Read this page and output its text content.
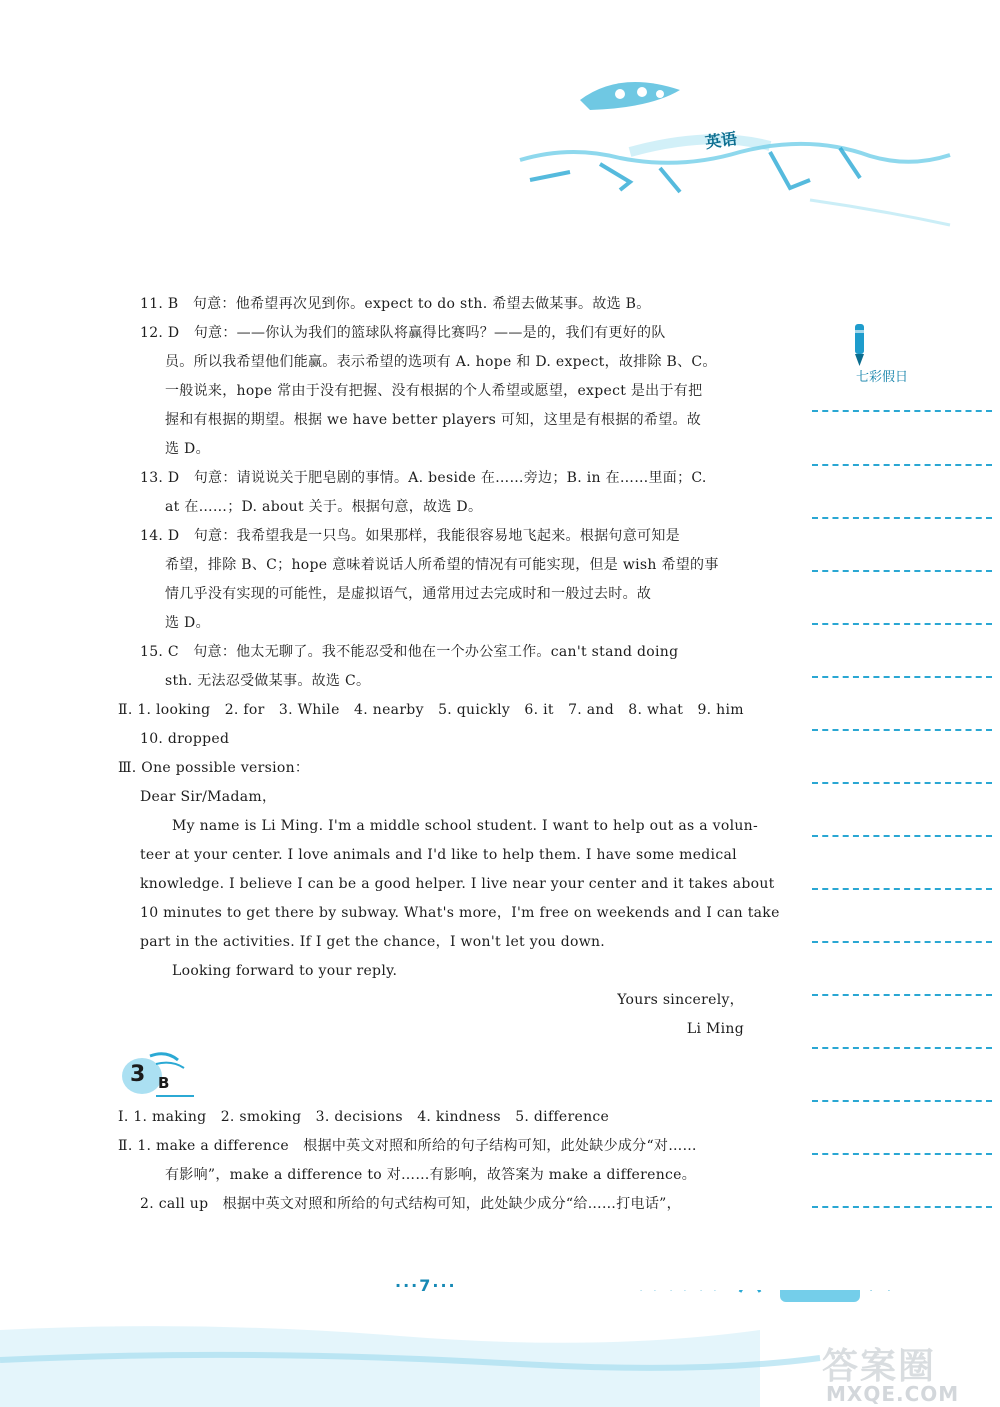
英语
七彩假日
11. B　句意：他希望再次见到你。expect to do sth. 希望去做某事。故选 B。
12. D　句意：——你认为我们的篮球队将赢得比赛吗？——是的，我们有更好的队
员。所以我希望他们能赢。表示希望的选项有 A. hope 和 D. expect，故排除 B、C。
一般说来，hope 常由于没有把握、没有根据的个人希望或愿望，expect 是出于有把
握和有根据的期望。根据 we have better players 可知，这里是有根据的希望。故
选 D。
13. D　句意：请说说关于肥皂剧的事情。A. beside 在……旁边；B. in 在……里面；C.
at 在……；D. about 关于。根据句意，故选 D。
14. D　句意：我希望我是一只鸟。如果那样，我能很容易地飞起来。根据句意可知是
希望，排除 B、C；hope 意味着说话人所希望的情况有可能实现，但是 wish 希望的事
情几乎没有实现的可能性，是虚拟语气，通常用过去完成时和一般过去时。故
选 D。
15. C　句意：他太无聊了。我不能忍受和他在一个办公室工作。can't stand doing
sth. 无法忍受做某事。故选 C。
Ⅱ. 1. looking　2. for　3. While　4. nearby　5. quickly　6. it　7. and　8. what　9. him
10. dropped
Ⅲ. One possible version：
Dear Sir/Madam，
My name is Li Ming. I'm a middle school student. I want to help out as a volun-
teer at your center. I love animals and I'd like to help them. I have some medical
knowledge. I believe I can be a good helper. I live near your center and it takes about
10 minutes to get there by subway. What's more，I'm free on weekends and I can take
part in the activities. If I get the chance，I won't let you down.
Looking forward to your reply.
Yours sincerely，
Li Ming
3 B
Ⅰ. 1. making　2. smoking　3. decisions　4. kindness　5. difference
Ⅱ. 1. make a difference　根据中英文对照和所给的句子结构可知，此处缺少成分“对……
有影响”，make a difference to 对……有影响，故答案为 make a difference。
2. call up　根据中英文对照和所给的句式结构可知，此处缺少成分“给……打电话”，
···7···
答案圈
MXQE.COM
